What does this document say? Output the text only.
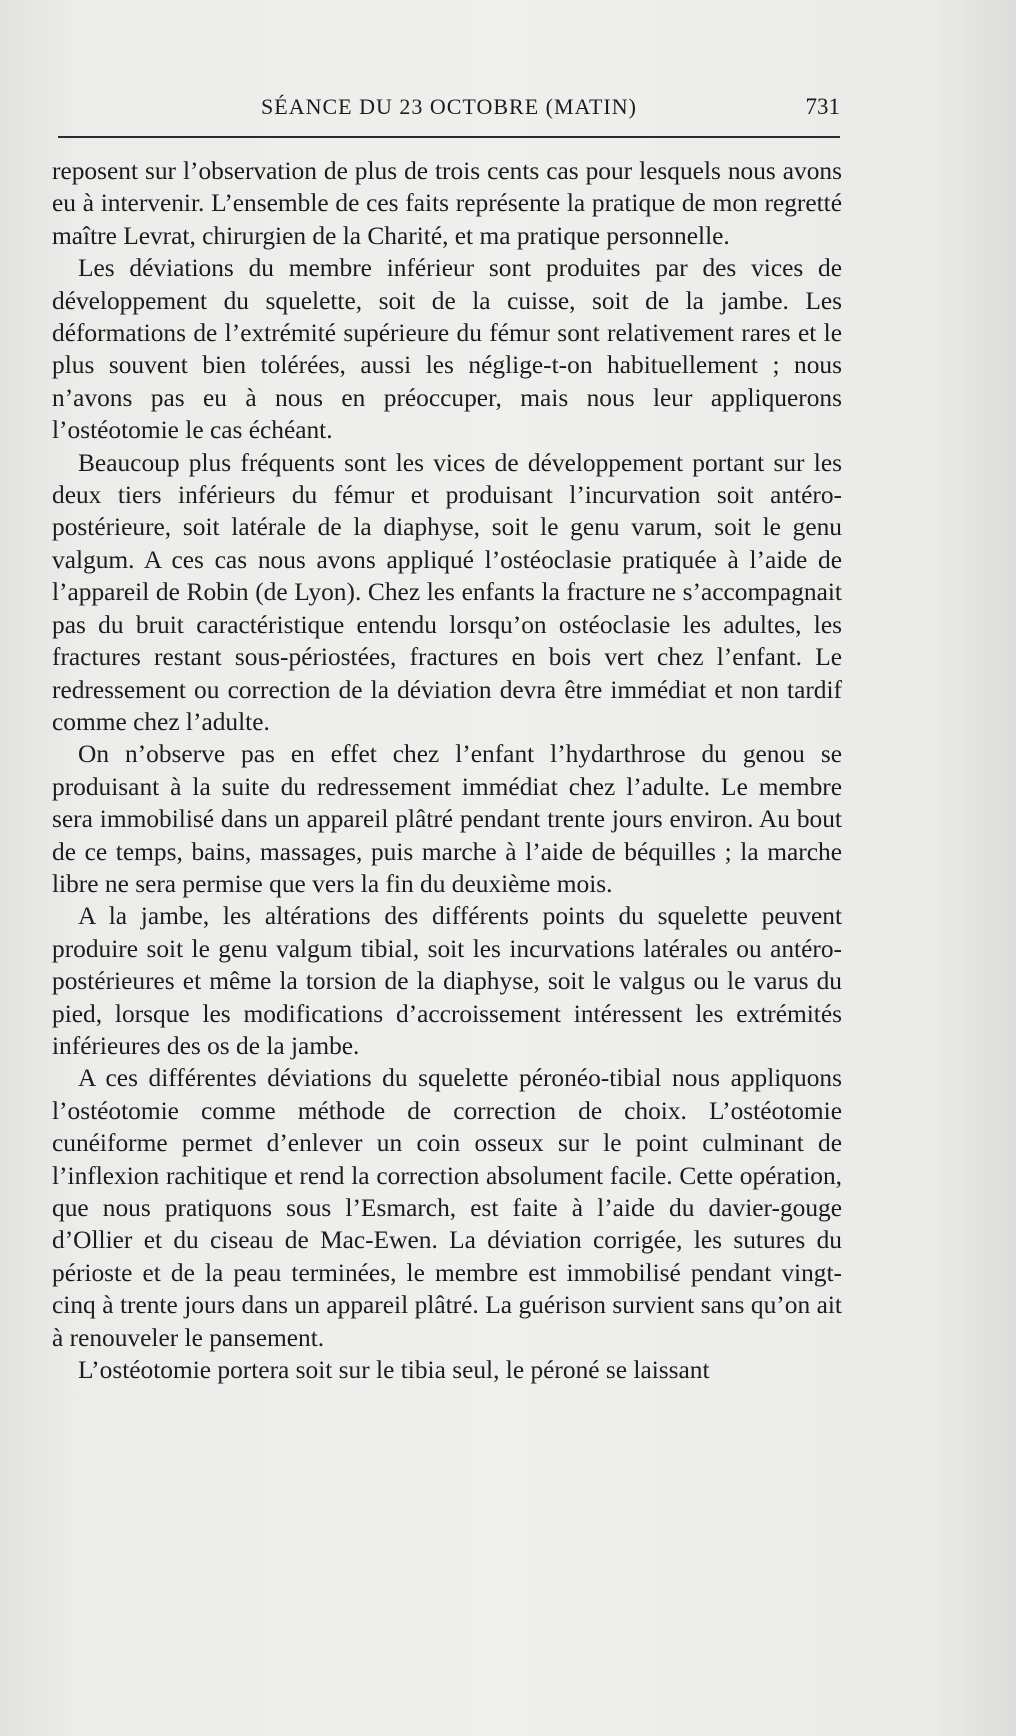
SÉANCE DU 23 OCTOBRE (MATIN)	731

reposent sur l’observation de plus de trois cents cas pour lesquels nous avons eu à intervenir. L’ensemble de ces faits représente la pratique de mon regretté maître Levrat, chirurgien de la Charité, et ma pratique personnelle.

Les déviations du membre inférieur sont produites par des vices de développement du squelette, soit de la cuisse, soit de la jambe. Les déformations de l’extrémité supérieure du fémur sont relativement rares et le plus souvent bien tolérées, aussi les néglige-t-on habituellement ; nous n’avons pas eu à nous en préoccuper, mais nous leur appliquerons l’ostéotomie le cas échéant.

Beaucoup plus fréquents sont les vices de développement portant sur les deux tiers inférieurs du fémur et produisant l’incurvation soit antéro-postérieure, soit latérale de la diaphyse, soit le genu varum, soit le genu valgum. A ces cas nous avons appliqué l’ostéoclasie pratiquée à l’aide de l’appareil de Robin (de Lyon). Chez les enfants la fracture ne s’accompagnait pas du bruit caractéristique entendu lorsqu’on ostéoclasie les adultes, les fractures restant sous-périostées, fractures en bois vert chez l’enfant. Le redressement ou correction de la déviation devra être immédiat et non tardif comme chez l’adulte.

On n’observe pas en effet chez l’enfant l’hydarthrose du genou se produisant à la suite du redressement immédiat chez l’adulte. Le membre sera immobilisé dans un appareil plâtré pendant trente jours environ. Au bout de ce temps, bains, massages, puis marche à l’aide de béquilles ; la marche libre ne sera permise que vers la fin du deuxième mois.

A la jambe, les altérations des différents points du squelette peuvent produire soit le genu valgum tibial, soit les incurvations latérales ou antéro-postérieures et même la torsion de la diaphyse, soit le valgus ou le varus du pied, lorsque les modifications d’accroissement intéressent les extrémités inférieures des os de la jambe.

A ces différentes déviations du squelette péronéo-tibial nous appliquons l’ostéotomie comme méthode de correction de choix. L’ostéotomie cunéiforme permet d’enlever un coin osseux sur le point culminant de l’inflexion rachitique et rend la correction absolument facile. Cette opération, que nous pratiquons sous l’Esmarch, est faite à l’aide du davier-gouge d’Ollier et du ciseau de Mac-Ewen. La déviation corrigée, les sutures du périoste et de la peau terminées, le membre est immobilisé pendant vingt-cinq à trente jours dans un appareil plâtré. La guérison survient sans qu’on ait à renouveler le pansement.

L’ostéotomie portera soit sur le tibia seul, le péroné se laissant
